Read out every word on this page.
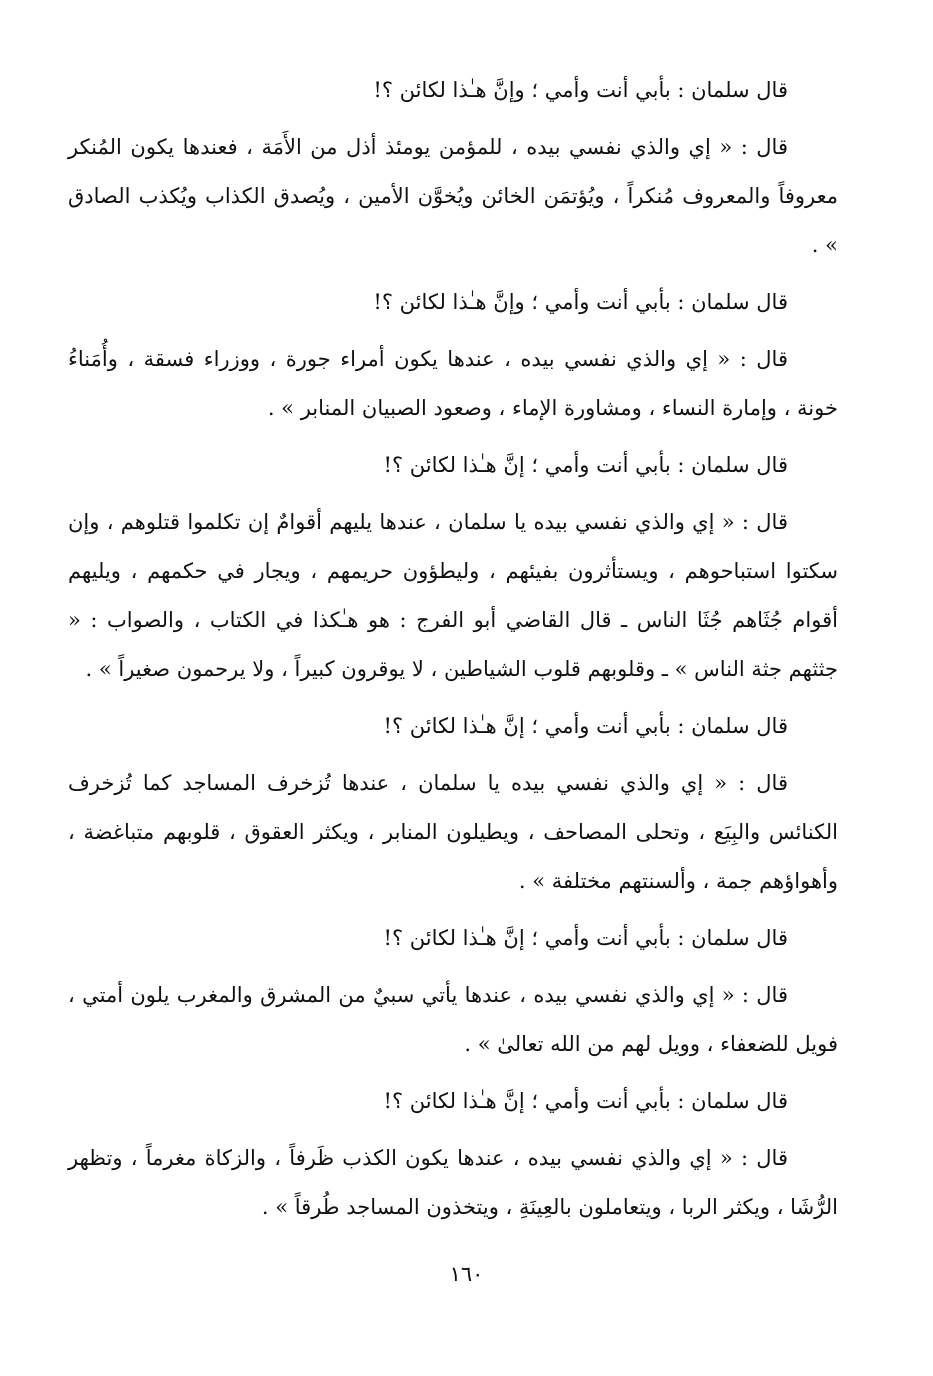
قال سلمان : بأبي أنت وأمي ؛ وإنَّ هـٰذا لكائن ؟!

قال : « إي والذي نفسي بيده ، للمؤمن يومئذ أذل من الأَمَة ، فعندها يكون المُنكر معروفاً والمعروف مُنكراً ، ويُؤتمَن الخائن ويُخوَّن الأمين ، ويُصدق الكذاب ويُكذب الصادق » .

قال سلمان : بأبي أنت وأمي ؛ وإنَّ هـٰذا لكائن ؟!

قال : « إي والذي نفسي بيده ، عندها يكون أمراء جورة ، ووزراء فسقة ، وأُمَناءُ خونة ، وإمارة النساء ، ومشاورة الإماء ، وصعود الصبيان المنابر » .

قال سلمان : بأبي أنت وأمي ؛ إنَّ هـٰذا لكائن ؟!

قال : « إي والذي نفسي بيده يا سلمان ، عندها يليهم أقوامٌ إن تكلموا قتلوهم ، وإن سكتوا استباحوهم ، ويستأثرون بفيئهم ، وليطؤون حريمهم ، ويجار في حكمهم ، ويليهم أقوام جُثَاهم جُثَا الناس ـ قال القاضي أبو الفرج : هو هـٰكذا في الكتاب ، والصواب : « جثثهم جثة الناس » ـ وقلوبهم قلوب الشياطين ، لا يوقرون كبيراً ، ولا يرحمون صغيراً » .

قال سلمان : بأبي أنت وأمي ؛ إنَّ هـٰذا لكائن ؟!

قال : « إي والذي نفسي بيده يا سلمان ، عندها تُزخرف المساجد كما تُزخرف الكنائس والبِيَع ، وتحلى المصاحف ، ويطيلون المنابر ، ويكثر العقوق ، قلوبهم متباغضة ، وأهواؤهم جمة ، وألسنتهم مختلفة » .

قال سلمان : بأبي أنت وأمي ؛ إنَّ هـٰذا لكائن ؟!

قال : « إي والذي نفسي بيده ، عندها يأتي سبيٌ من المشرق والمغرب يلون أمتي ، فويل للضعفاء ، وويل لهم من الله تعالىٰ » .

قال سلمان : بأبي أنت وأمي ؛ إنَّ هـٰذا لكائن ؟!

قال : « إي والذي نفسي بيده ، عندها يكون الكذب ظَرفاً ، والزكاة مغرماً ، وتظهر الرُّشَا ، ويكثر الربا ، ويتعاملون بالعِينَةِ ، ويتخذون المساجد طُرقاً » .

١٦٠
